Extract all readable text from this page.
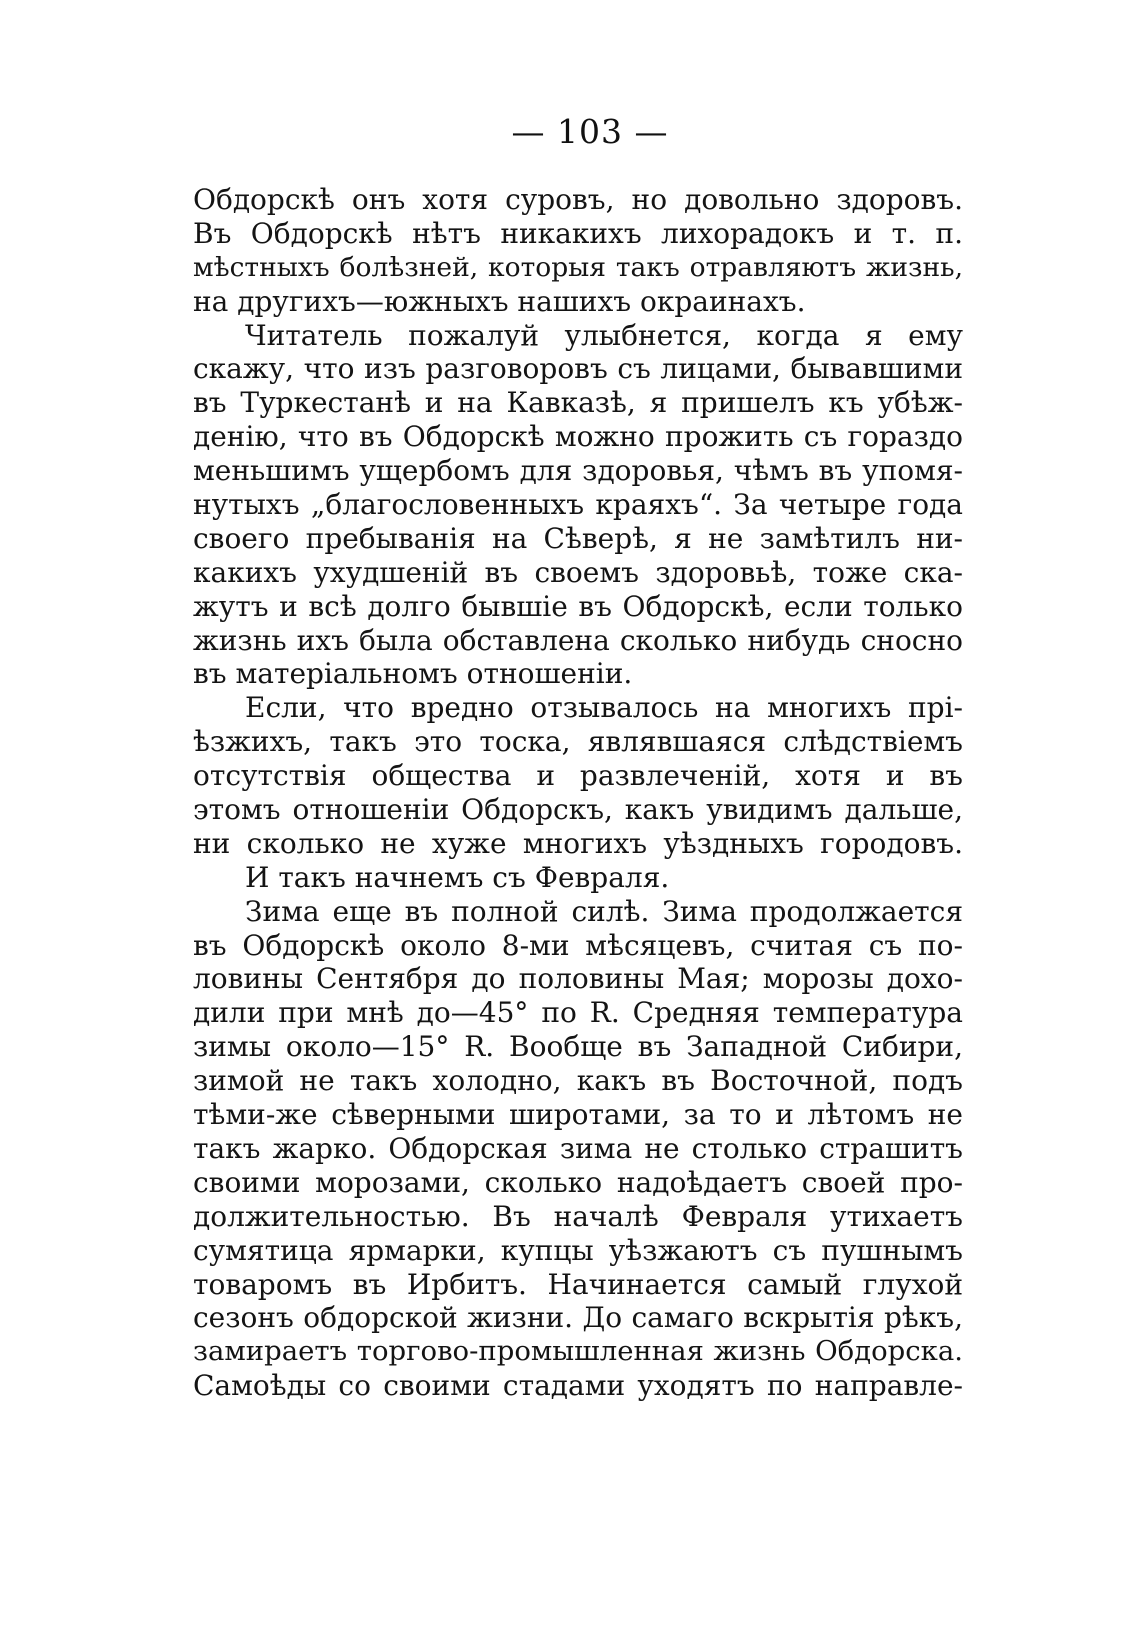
— 103 —
Обдорскѣ онъ хотя суровъ, но довольно здоровъ.
Въ Обдорскѣ нѣтъ никакихъ лихорадокъ и т. п.
мѣстныхъ болѣзней, которыя такъ отравляютъ жизнь,
на другихъ—южныхъ нашихъ окраинахъ.
Читатель пожалуй улыбнется, когда я ему
скажу, что изъ разговоровъ съ лицами, бывавшими
въ Туркестанѣ и на Кавказѣ, я пришелъ къ убѣж-
денію, что въ Обдорскѣ можно прожить съ гораздо
меньшимъ ущербомъ для здоровья, чѣмъ въ упомя-
нутыхъ „благословенныхъ краяхъ“. За четыре года
своего пребыванія на Сѣверѣ, я не замѣтилъ ни-
какихъ ухудшеній въ своемъ здоровьѣ, тоже ска-
жутъ и всѣ долго бывшіе въ Обдорскѣ, если только
жизнь ихъ была обставлена сколько нибудь сносно
въ матеріальномъ отношеніи.
Если, что вредно отзывалось на многихъ прі-
ѣзжихъ, такъ это тоска, являвшаяся слѣдствіемъ
отсутствія общества и развлеченій, хотя и въ
этомъ отношеніи Обдорскъ, какъ увидимъ дальше,
ни сколько не хуже многихъ уѣздныхъ городовъ.
И такъ начнемъ съ Февраля.
Зима еще въ полной силѣ. Зима продолжается
въ Обдорскѣ около 8-ми мѣсяцевъ, считая съ по-
ловины Сентября до половины Мая; морозы дохо-
дили при мнѣ до—45° по R. Средняя температура
зимы около—15° R. Вообще въ Западной Сибири,
зимой не такъ холодно, какъ въ Восточной, подъ
тѣми-же сѣверными широтами, за то и лѣтомъ не
такъ жарко. Обдорская зима не столько страшитъ
своими морозами, сколько надоѣдаетъ своей про-
должительностью. Въ началѣ Февраля утихаетъ
сумятица ярмарки, купцы уѣзжаютъ съ пушнымъ
товаромъ въ Ирбитъ. Начинается самый глухой
сезонъ обдорской жизни. До самаго вскрытія рѣкъ,
замираетъ торгово-промышленная жизнь Обдорска.
Самоѣды со своими стадами уходятъ по направле-
